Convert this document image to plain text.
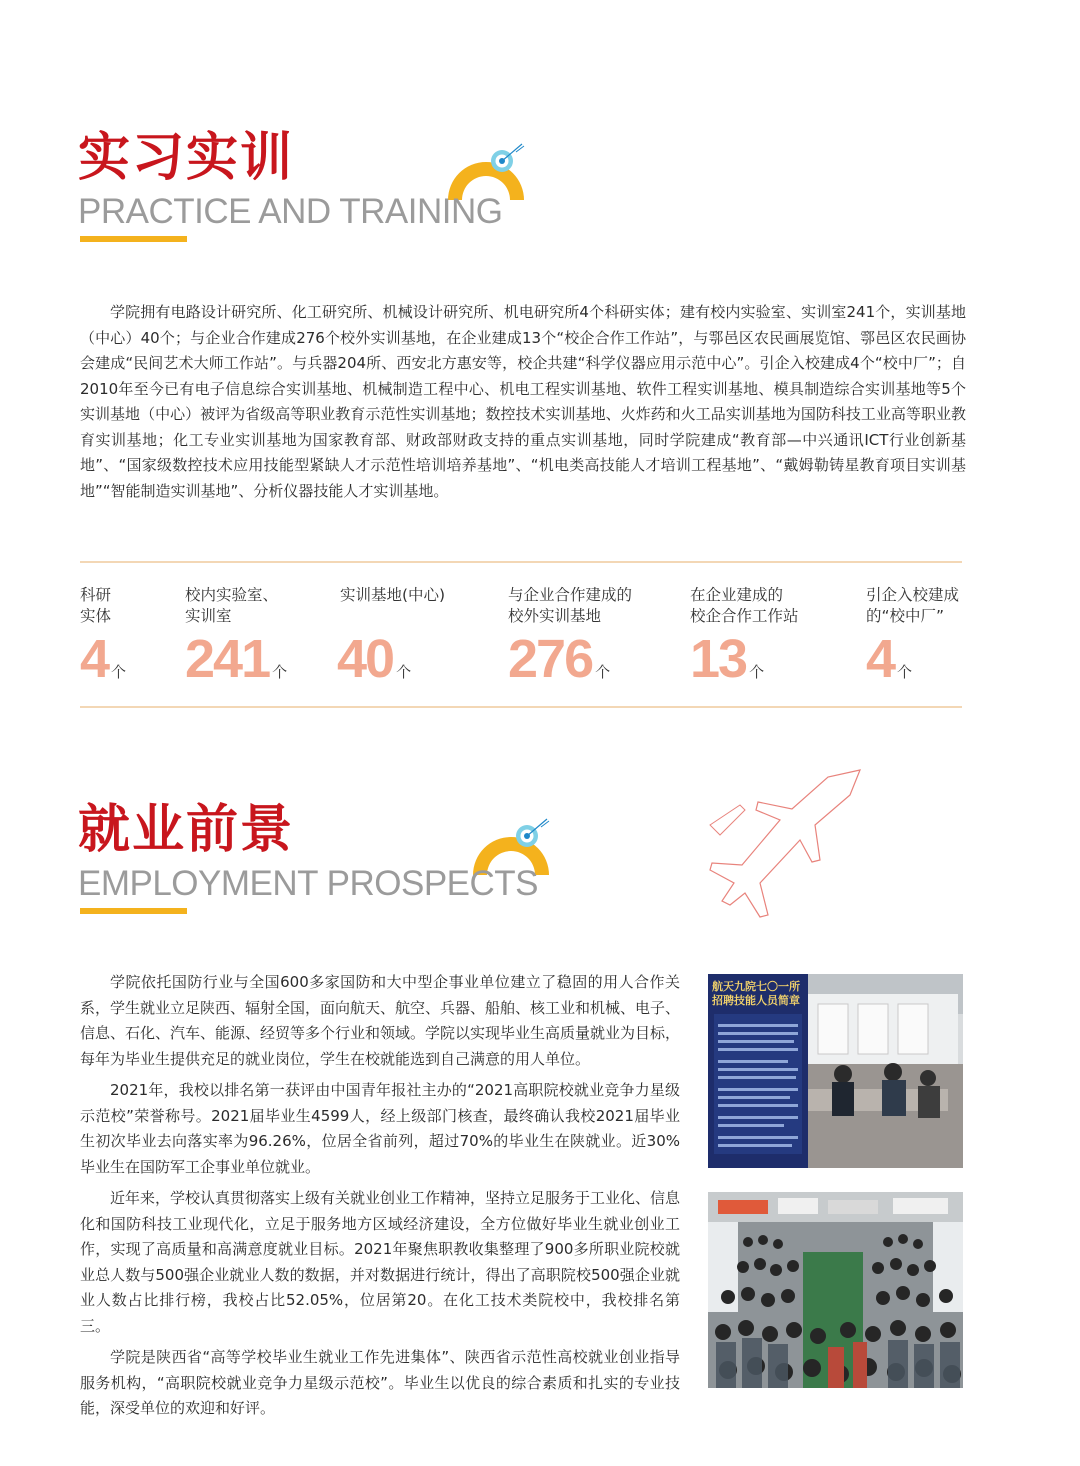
实习实训
PRACTICE AND TRAINING

学院拥有电路设计研究所、化工研究所、机械设计研究所、机电研究所4个科研实体；建有校内实验室、实训室241个，实训基地（中心）40个；与企业合作建成276个校外实训基地，在企业建成13个“校企合作工作站”，与鄠邑区农民画展览馆、鄠邑区农民画协会建成“民间艺术大师工作站”。与兵器204所、西安北方惠安等，校企共建“科学仪器应用示范中心”。引企入校建成4个“校中厂”；自2010年至今已有电子信息综合实训基地、机械制造工程中心、机电工程实训基地、软件工程实训基地、模具制造综合实训基地等5个实训基地（中心）被评为省级高等职业教育示范性实训基地；数控技术实训基地、火炸药和火工品实训基地为国防科技工业高等职业教育实训基地；化工专业实训基地为国家教育部、财政部财政支持的重点实训基地，同时学院建成“教育部—中兴通讯ICT行业创新基地”、“国家级数控技术应用技能型紧缺人才示范性培训培养基地”、“机电类高技能人才培训工程基地”、“戴姆勒铸星教育项目实训基地”“智能制造实训基地”、分析仪器技能人才实训基地。

科研
实体
4 个
校内实验室、
实训室
241 个
实训基地(中心)
40 个
与企业合作建成的
校外实训基地
276 个
在企业建成的
校企合作工作站
13 个
引企入校建成
的“校中厂”
4 个
就业前景
EMPLOYMENT PROSPECTS

学院依托国防行业与全国600多家国防和大中型企事业单位建立了稳固的用人合作关系，学生就业立足陕西、辐射全国，面向航天、航空、兵器、船舶、核工业和机械、电子、信息、石化、汽车、能源、经贸等多个行业和领域。学院以实现毕业生高质量就业为目标，每年为毕业生提供充足的就业岗位，学生在校就能选到自己满意的用人单位。

2021年，我校以排名第一获评由中国青年报社主办的“2021高职院校就业竞争力星级示范校”荣誉称号。2021届毕业生4599人，经上级部门核查，最终确认我校2021届毕业生初次毕业去向落实率为96.26%，位居全省前列，超过70%的毕业生在陕就业。近30%毕业生在国防军工企事业单位就业。

近年来，学校认真贯彻落实上级有关就业创业工作精神，坚持立足服务于工业化、信息化和国防科技工业现代化，立足于服务地方区域经济建设，全方位做好毕业生就业创业工作，实现了高质量和高满意度就业目标。2021年聚焦职教收集整理了900多所职业院校就业总人数与500强企业就业人数的数据，并对数据进行统计，得出了高职院校500强企业就业人数占比排行榜，我校占比52.05%，位居第20。在化工技术类院校中，我校排名第三。

学院是陕西省“高等学校毕业生就业工作先进集体”、陕西省示范性高校就业创业指导服务机构，“高职院校就业竞争力星级示范校”。毕业生以优良的综合素质和扎实的专业技能，深受单位的欢迎和好评。

航天九院七〇一所
招聘技能人员简章
